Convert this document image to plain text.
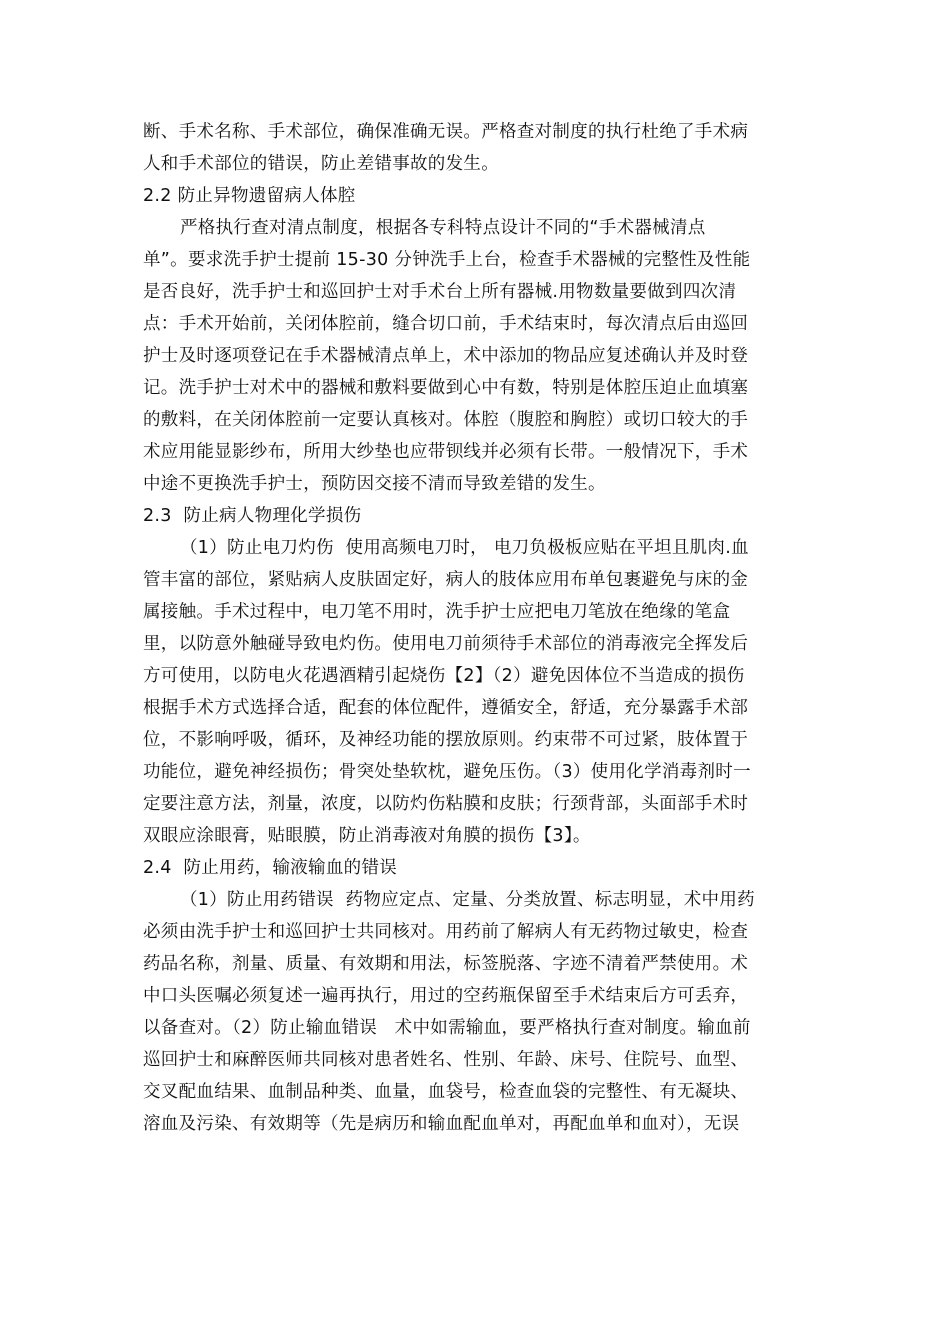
断、手术名称、手术部位，确保准确无误。严格查对制度的执行杜绝了手术病
人和手术部位的错误，防止差错事故的发生。
2.2 防止异物遗留病人体腔
严格执行查对清点制度，根据各专科特点设计不同的“手术器械清点
单”。要求洗手护士提前 15-30 分钟洗手上台，检查手术器械的完整性及性能
是否良好，洗手护士和巡回护士对手术台上所有器械.用物数量要做到四次清
点：手术开始前，关闭体腔前，缝合切口前，手术结束时，每次清点后由巡回
护士及时逐项登记在手术器械清点单上，术中添加的物品应复述确认并及时登
记。洗手护士对术中的器械和敷料要做到心中有数，特别是体腔压迫止血填塞
的敷料，在关闭体腔前一定要认真核对。体腔（腹腔和胸腔）或切口较大的手
术应用能显影纱布，所用大纱垫也应带钡线并必须有长带。一般情况下，手术
中途不更换洗手护士，预防因交接不清而导致差错的发生。
2.3  防止病人物理化学损伤
（1）防止电刀灼伤  使用高频电刀时， 电刀负极板应贴在平坦且肌肉.血
管丰富的部位，紧贴病人皮肤固定好，病人的肢体应用布单包裹避免与床的金
属接触。手术过程中，电刀笔不用时，洗手护士应把电刀笔放在绝缘的笔盒
里，以防意外触碰导致电灼伤。使用电刀前须待手术部位的消毒液完全挥发后
方可使用，以防电火花遇酒精引起烧伤【2】（2）避免因体位不当造成的损伤
根据手术方式选择合适，配套的体位配件，遵循安全，舒适，充分暴露手术部
位，不影响呼吸，循环，及神经功能的摆放原则。约束带不可过紧，肢体置于
功能位，避免神经损伤；骨突处垫软枕，避免压伤。（3）使用化学消毒剂时一
定要注意方法，剂量，浓度，以防灼伤粘膜和皮肤；行颈背部，头面部手术时
双眼应涂眼膏，贴眼膜，防止消毒液对角膜的损伤【3】。
2.4  防止用药，输液输血的错误
（1）防止用药错误  药物应定点、定量、分类放置、标志明显，术中用药
必须由洗手护士和巡回护士共同核对。用药前了解病人有无药物过敏史，检查
药品名称，剂量、质量、有效期和用法，标签脱落、字迹不清着严禁使用。术
中口头医嘱必须复述一遍再执行，用过的空药瓶保留至手术结束后方可丢弃，
以备查对。（2）防止输血错误   术中如需输血，要严格执行查对制度。输血前
巡回护士和麻醉医师共同核对患者姓名、性别、年龄、床号、住院号、血型、
交叉配血结果、血制品种类、血量，血袋号，检查血袋的完整性、有无凝块、
溶血及污染、有效期等（先是病历和输血配血单对，再配血单和血对），无误
